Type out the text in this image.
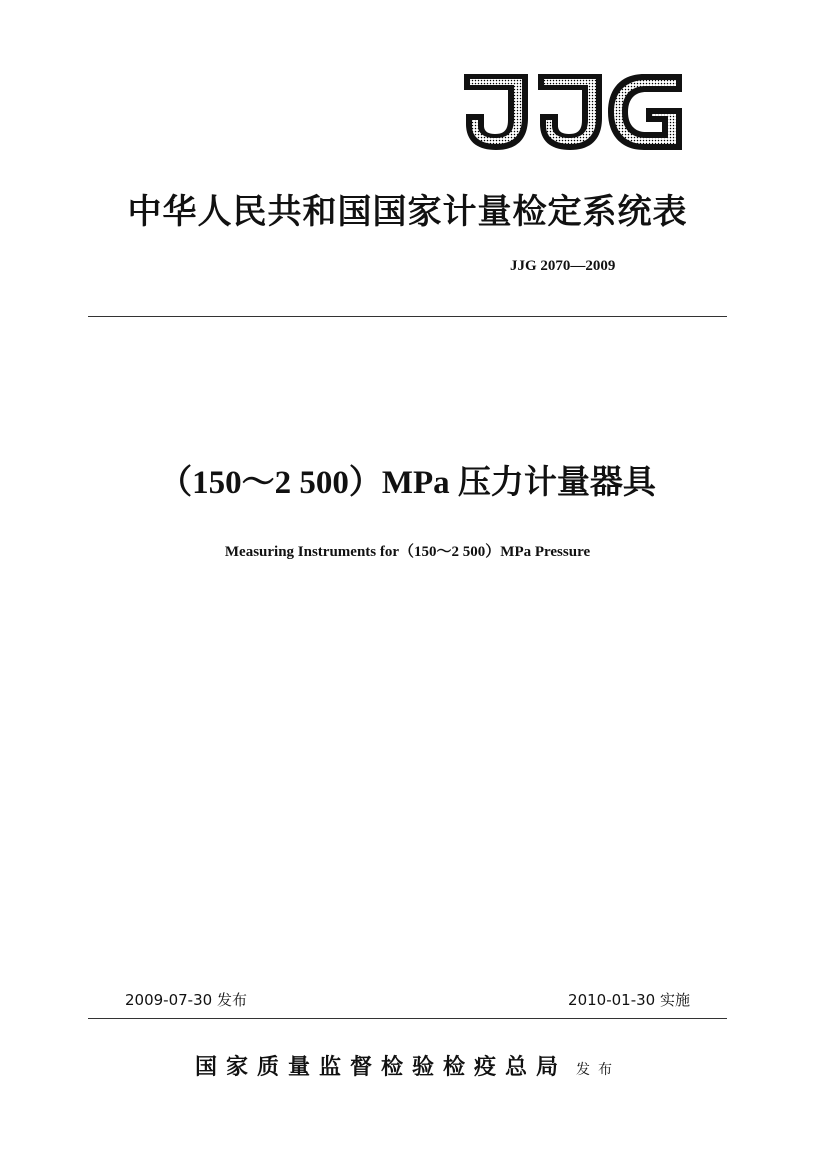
中华人民共和国国家计量检定系统表
JJG 2070—2009
（150～2 500）MPa 压力计量器具
Measuring Instruments for（150～2 500）MPa Pressure
2009-07-30 发布	2010-01-30 实施
国家质量监督检验检疫总局 发布
